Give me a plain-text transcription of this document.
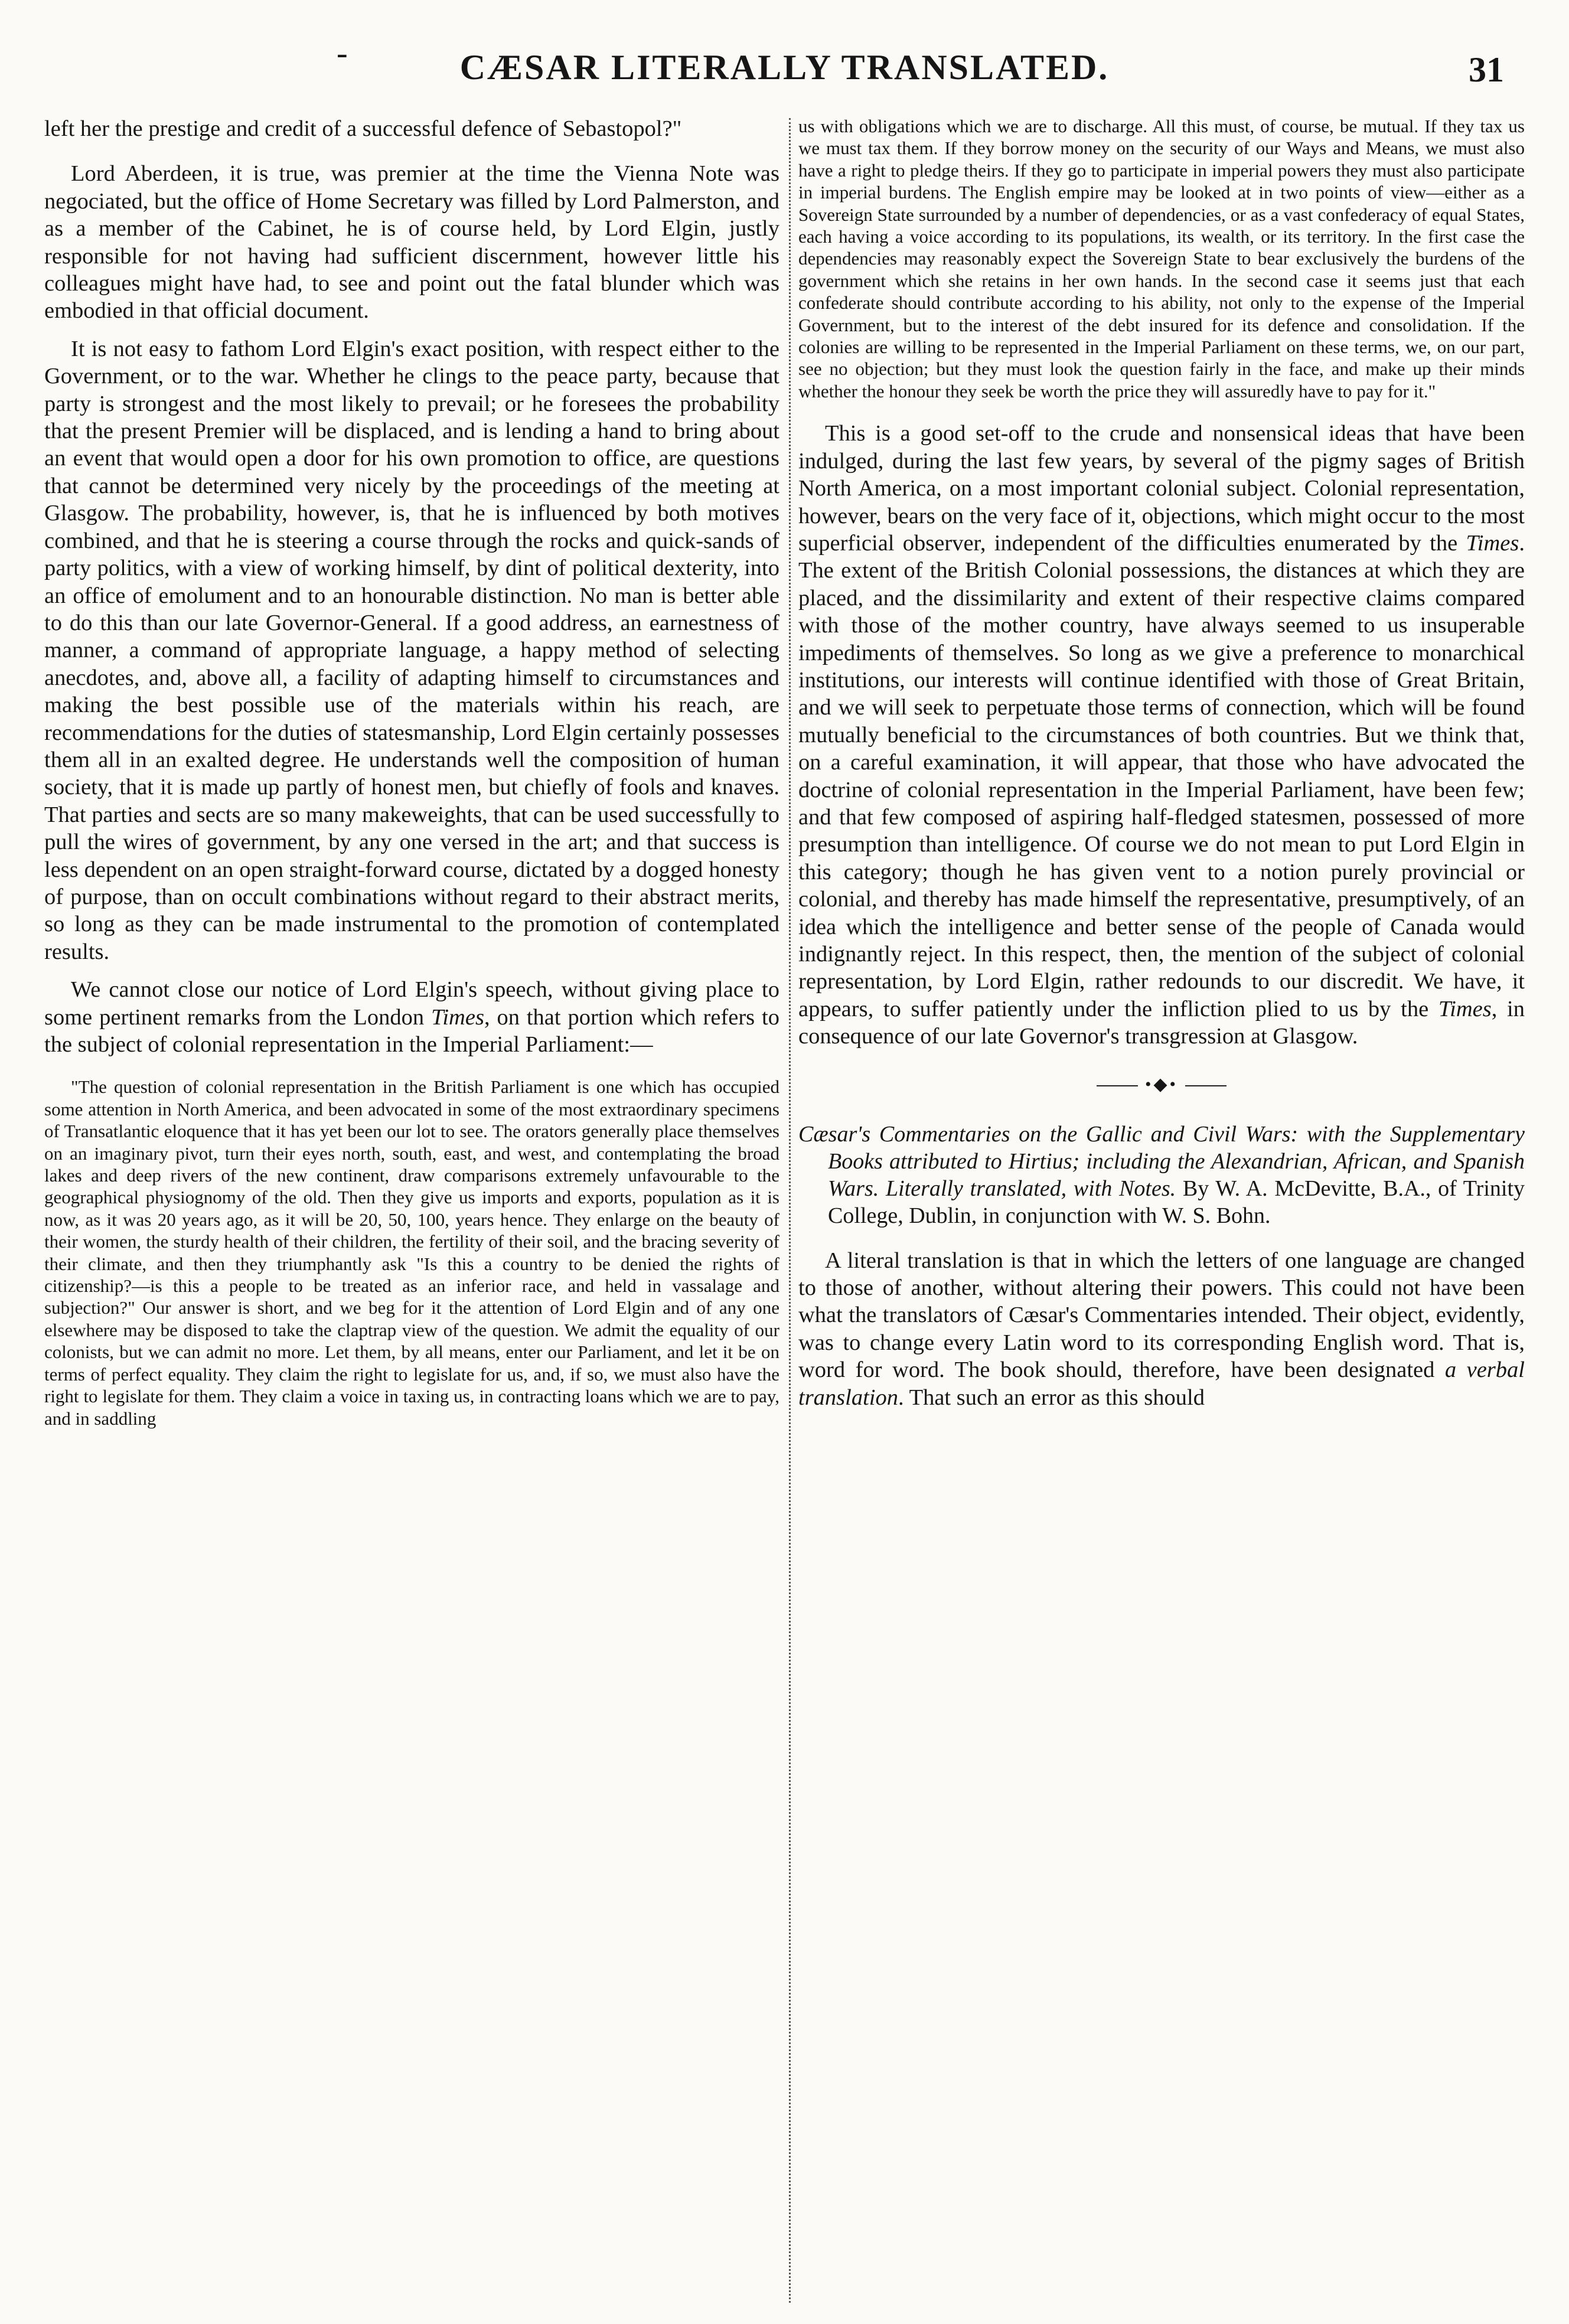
-	CÆSAR LITERALLY TRANSLATED.	31

left her the prestige and credit of a successful defence of Sebastopol?"

Lord Aberdeen, it is true, was premier at the time the Vienna Note was negociated, but the office of Home Secretary was filled by Lord Palmerston, and as a member of the Cabinet, he is of course held, by Lord Elgin, justly responsible for not having had sufficient discernment, however little his colleagues might have had, to see and point out the fatal blunder which was embodied in that official document.

It is not easy to fathom Lord Elgin's exact position, with respect either to the Government, or to the war. Whether he clings to the peace party, because that party is strongest and the most likely to prevail; or he foresees the probability that the present Premier will be displaced, and is lending a hand to bring about an event that would open a door for his own promotion to office, are questions that cannot be determined very nicely by the proceedings of the meeting at Glasgow. The probability, however, is, that he is influenced by both motives combined, and that he is steering a course through the rocks and quick-sands of party politics, with a view of working himself, by dint of political dexterity, into an office of emolument and to an honourable distinction. No man is better able to do this than our late Governor-General. If a good address, an earnestness of manner, a command of appropriate language, a happy method of selecting anecdotes, and, above all, a facility of adapting himself to circumstances and making the best possible use of the materials within his reach, are recommendations for the duties of statesmanship, Lord Elgin certainly possesses them all in an exalted degree. He understands well the composition of human society, that it is made up partly of honest men, but chiefly of fools and knaves. That parties and sects are so many makeweights, that can be used successfully to pull the wires of government, by any one versed in the art; and that success is less dependent on an open straight-forward course, dictated by a dogged honesty of purpose, than on occult combinations without regard to their abstract merits, so long as they can be made instrumental to the promotion of contemplated results.

We cannot close our notice of Lord Elgin's speech, without giving place to some pertinent remarks from the London Times, on that portion which refers to the subject of colonial representation in the Imperial Parliament:—

"The question of colonial representation in the British Parliament is one which has occupied some attention in North America, and been advocated in some of the most extraordinary specimens of Transatlantic eloquence that it has yet been our lot to see. The orators generally place themselves on an imaginary pivot, turn their eyes north, south, east, and west, and contemplating the broad lakes and deep rivers of the new continent, draw comparisons extremely unfavourable to the geographical physiognomy of the old. Then they give us imports and exports, population as it is now, as it was 20 years ago, as it will be 20, 50, 100, years hence. They enlarge on the beauty of their women, the sturdy health of their children, the fertility of their soil, and the bracing severity of their climate, and then they triumphantly ask "Is this a country to be denied the rights of citizenship?—is this a people to be treated as an inferior race, and held in vassalage and subjection?" Our answer is short, and we beg for it the attention of Lord Elgin and of any one elsewhere may be disposed to take the claptrap view of the question. We admit the equality of our colonists, but we can admit no more. Let them, by all means, enter our Parliament, and let it be on terms of perfect equality. They claim the right to legislate for us, and, if so, we must also have the right to legislate for them. They claim a voice in taxing us, in contracting loans which we are to pay, and in saddling

us with obligations which we are to discharge. All this must, of course, be mutual. If they tax us we must tax them. If they borrow money on the security of our Ways and Means, we must also have a right to pledge theirs. If they go to participate in imperial powers they must also participate in imperial burdens. The English empire may be looked at in two points of view—either as a Sovereign State surrounded by a number of dependencies, or as a vast confederacy of equal States, each having a voice according to its populations, its wealth, or its territory. In the first case the dependencies may reasonably expect the Sovereign State to bear exclusively the burdens of the government which she retains in her own hands. In the second case it seems just that each confederate should contribute according to his ability, not only to the expense of the Imperial Government, but to the interest of the debt insured for its defence and consolidation. If the colonies are willing to be represented in the Imperial Parliament on these terms, we, on our part, see no objection; but they must look the question fairly in the face, and make up their minds whether the honour they seek be worth the price they will assuredly have to pay for it."

This is a good set-off to the crude and nonsensical ideas that have been indulged, during the last few years, by several of the pigmy sages of British North America, on a most important colonial subject. Colonial representation, however, bears on the very face of it, objections, which might occur to the most superficial observer, independent of the difficulties enumerated by the Times. The extent of the British Colonial possessions, the distances at which they are placed, and the dissimilarity and extent of their respective claims compared with those of the mother country, have always seemed to us insuperable impediments of themselves. So long as we give a preference to monarchical institutions, our interests will continue identified with those of Great Britain, and we will seek to perpetuate those terms of connection, which will be found mutually beneficial to the circumstances of both countries. But we think that, on a careful examination, it will appear, that those who have advocated the doctrine of colonial representation in the Imperial Parliament, have been few; and that few composed of aspiring half-fledged statesmen, possessed of more presumption than intelligence. Of course we do not mean to put Lord Elgin in this category; though he has given vent to a notion purely provincial or colonial, and thereby has made himself the representative, presumptively, of an idea which the intelligence and better sense of the people of Canada would indignantly reject. In this respect, then, the mention of the subject of colonial representation, by Lord Elgin, rather redounds to our discredit. We have, it appears, to suffer patiently under the infliction plied to us by the Times, in consequence of our late Governor's transgression at Glasgow.

•◆•

Cæsar's Commentaries on the Gallic and Civil Wars: with the Supplementary Books attributed to Hirtius; including the Alexandrian, African, and Spanish Wars. Literally translated, with Notes. By W. A. McDevitte, B.A., of Trinity College, Dublin, in conjunction with W. S. Bohn.

A literal translation is that in which the letters of one language are changed to those of another, without altering their powers. This could not have been what the translators of Cæsar's Commentaries intended. Their object, evidently, was to change every Latin word to its corresponding English word. That is, word for word. The book should, therefore, have been designated a verbal translation. That such an error as this should
